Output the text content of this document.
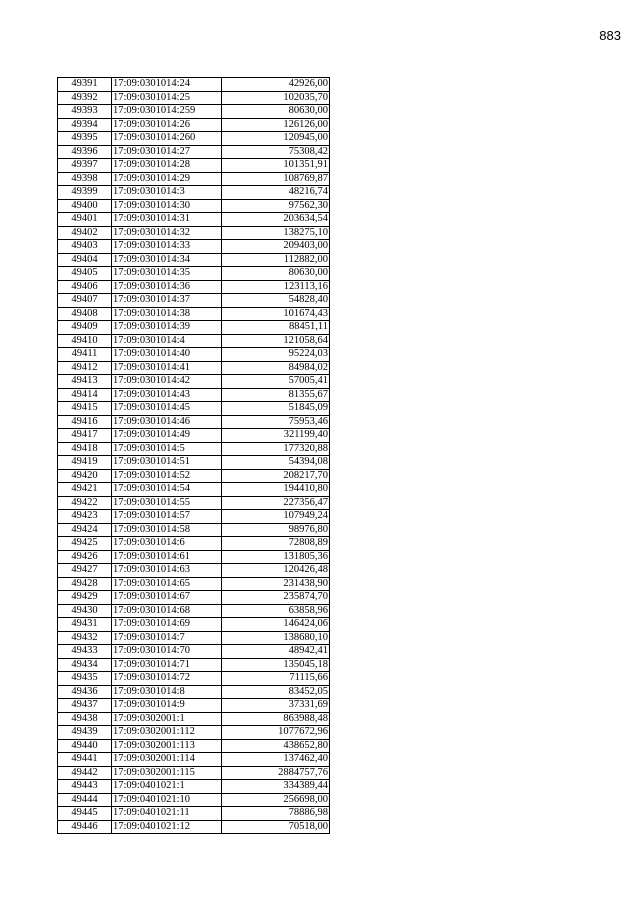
883
49391	17:09:0301014:24	42926,00
49392	17:09:0301014:25	102035,70
49393	17:09:0301014:259	80630,00
49394	17:09:0301014:26	126126,00
49395	17:09:0301014:260	120945,00
49396	17:09:0301014:27	75308,42
49397	17:09:0301014:28	101351,91
49398	17:09:0301014:29	108769,87
49399	17:09:0301014:3	48216,74
49400	17:09:0301014:30	97562,30
49401	17:09:0301014:31	203634,54
49402	17:09:0301014:32	138275,10
49403	17:09:0301014:33	209403,00
49404	17:09:0301014:34	112882,00
49405	17:09:0301014:35	80630,00
49406	17:09:0301014:36	123113,16
49407	17:09:0301014:37	54828,40
49408	17:09:0301014:38	101674,43
49409	17:09:0301014:39	88451,11
49410	17:09:0301014:4	121058,64
49411	17:09:0301014:40	95224,03
49412	17:09:0301014:41	84984,02
49413	17:09:0301014:42	57005,41
49414	17:09:0301014:43	81355,67
49415	17:09:0301014:45	51845,09
49416	17:09:0301014:46	75953,46
49417	17:09:0301014:49	321199,40
49418	17:09:0301014:5	177320,88
49419	17:09:0301014:51	54394,08
49420	17:09:0301014:52	208217,70
49421	17:09:0301014:54	194410,80
49422	17:09:0301014:55	227356,47
49423	17:09:0301014:57	107949,24
49424	17:09:0301014:58	98976,80
49425	17:09:0301014:6	72808,89
49426	17:09:0301014:61	131805,36
49427	17:09:0301014:63	120426,48
49428	17:09:0301014:65	231438,90
49429	17:09:0301014:67	235874,70
49430	17:09:0301014:68	63858,96
49431	17:09:0301014:69	146424,06
49432	17:09:0301014:7	138680,10
49433	17:09:0301014:70	48942,41
49434	17:09:0301014:71	135045,18
49435	17:09:0301014:72	71115,66
49436	17:09:0301014:8	83452,05
49437	17:09:0301014:9	37331,69
49438	17:09:0302001:1	863988,48
49439	17:09:0302001:112	1077672,96
49440	17:09:0302001:113	438652,80
49441	17:09:0302001:114	137462,40
49442	17:09:0302001:115	2884757,76
49443	17:09:0401021:1	334389,44
49444	17:09:0401021:10	256698,00
49445	17:09:0401021:11	78886,98
49446	17:09:0401021:12	70518,00
